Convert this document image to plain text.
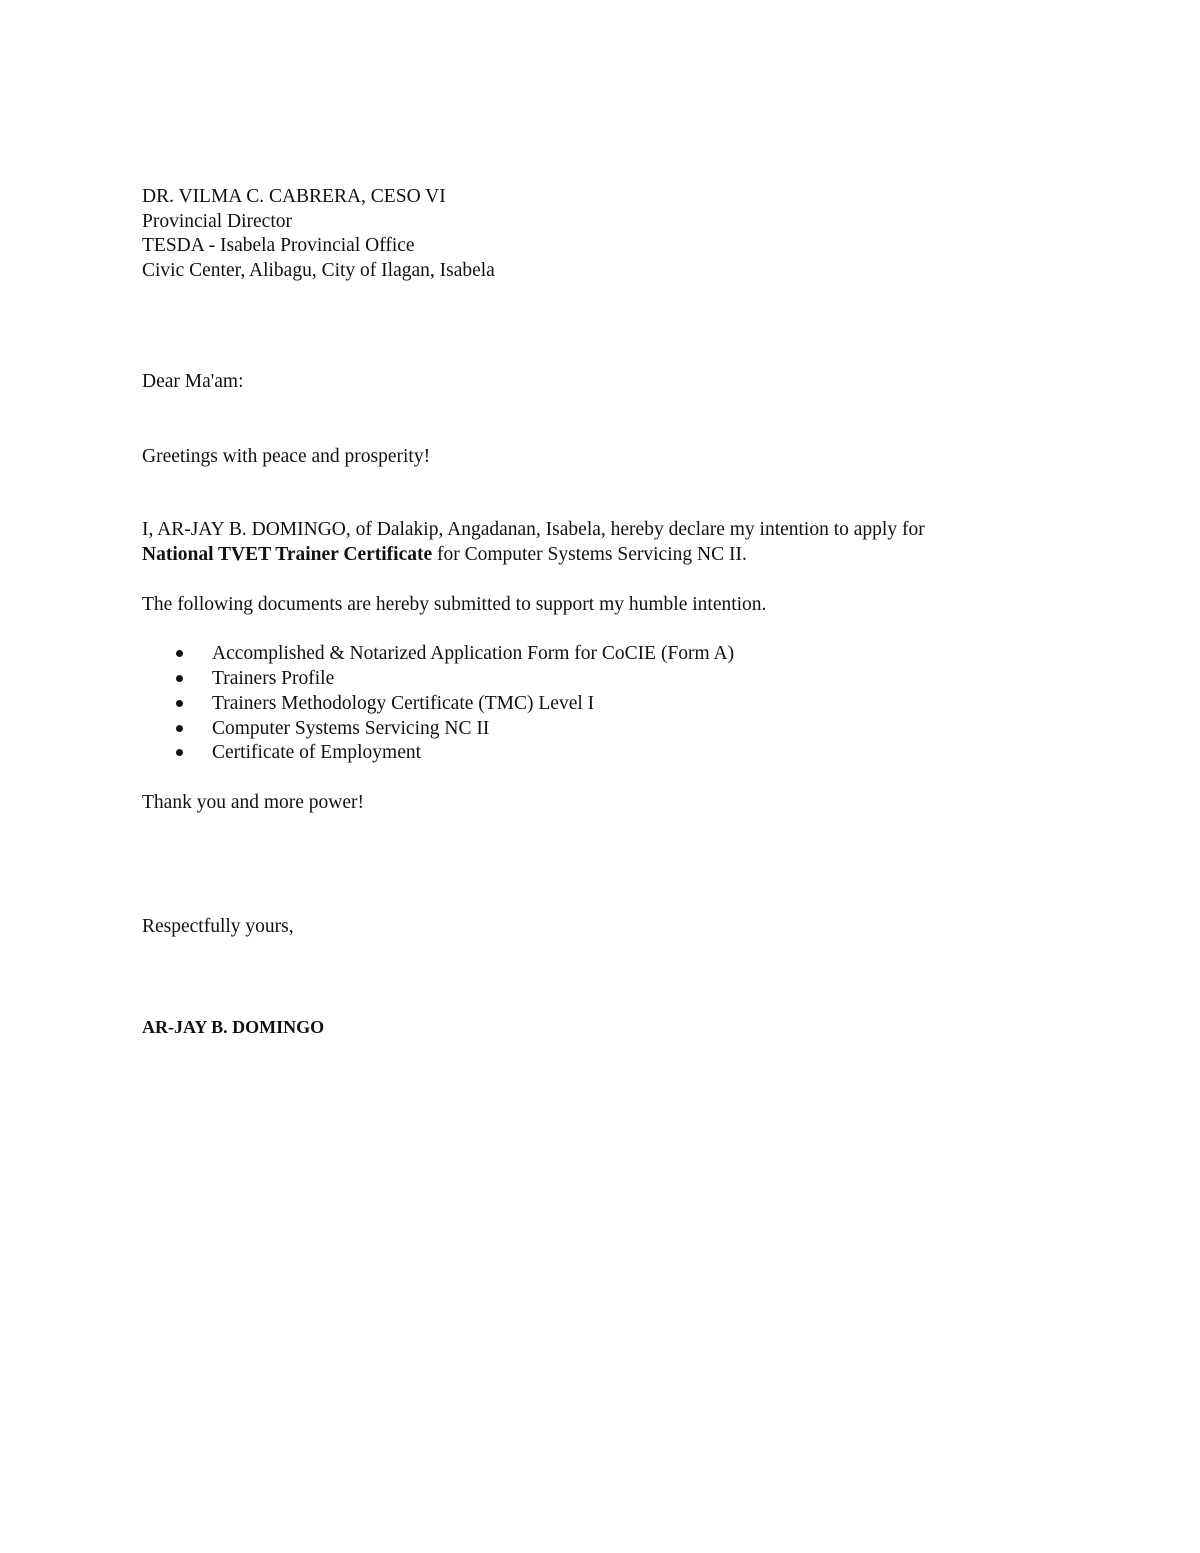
DR. VILMA C. CABRERA, CESO VI
Provincial Director
TESDA - Isabela Provincial Office
Civic Center, Alibagu, City of Ilagan, Isabela
Dear Ma'am:
Greetings with peace and prosperity!
I, AR-JAY B. DOMINGO, of Dalakip, Angadanan, Isabela, hereby declare my intention to apply for
National TVET Trainer Certificate for Computer Systems Servicing NC II.
The following documents are hereby submitted to support my humble intention.
Accomplished & Notarized Application Form for CoCIE (Form A)
Trainers Profile
Trainers Methodology Certificate (TMC) Level I
Computer Systems Servicing NC II
Certificate of Employment
Thank you and more power!
Respectfully yours,
AR-JAY B. DOMINGO
